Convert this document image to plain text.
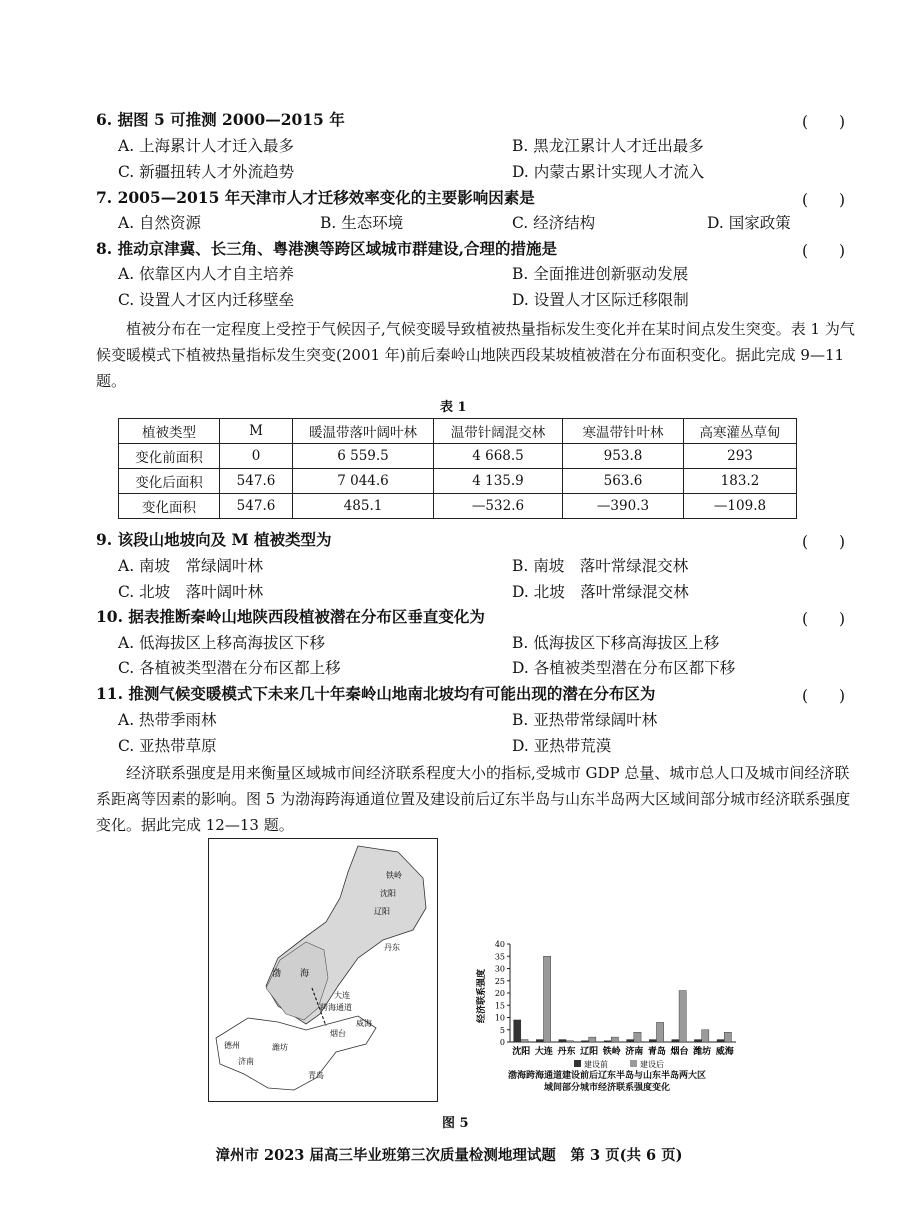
6. 据图 5 可推测 2000—2015 年	(　　)
A. 上海累计人才迁入最多	B. 黑龙江累计人才迁出最多
C. 新疆扭转人才外流趋势	D. 内蒙古累计实现人才流入
7. 2005—2015 年天津市人才迁移效率变化的主要影响因素是	(　　)
A. 自然资源	B. 生态环境	C. 经济结构	D. 国家政策
8. 推动京津冀、长三角、粤港澳等跨区域城市群建设,合理的措施是	(　　)
A. 依靠区内人才自主培养	B. 全面推进创新驱动发展
C. 设置人才区内迁移壁垒	D. 设置人才区际迁移限制
植被分布在一定程度上受控于气候因子,气候变暖导致植被热量指标发生变化并在某时间点发生突变。表 1 为气候变暖模式下植被热量指标发生突变(2001 年)前后秦岭山地陕西段某坡植被潜在分布面积变化。据此完成 9—11 题。
表 1
植被类型	M	暖温带落叶阔叶林	温带针阔混交林	寒温带针叶林	高寒灌丛草甸
变化前面积	0	6 559.5	4 668.5	953.8	293
变化后面积	547.6	7 044.6	4 135.9	563.6	183.2
变化面积	547.6	485.1	—532.6	—390.3	—109.8
9. 该段山地坡向及 M 植被类型为	(　　)
A. 南坡　常绿阔叶林	B. 南坡　落叶常绿混交林
C. 北坡　落叶阔叶林	D. 北坡　落叶常绿混交林
10. 据表推断秦岭山地陕西段植被潜在分布区垂直变化为	(　　)
A. 低海拔区上移高海拔区下移	B. 低海拔区下移高海拔区上移
C. 各植被类型潜在分布区都上移	D. 各植被类型潜在分布区都下移
11. 推测气候变暖模式下未来几十年秦岭山地南北坡均有可能出现的潜在分布区为	(　　)
A. 热带季雨林	B. 亚热带常绿阔叶林
C. 亚热带草原	D. 亚热带荒漠
经济联系强度是用来衡量区域城市间经济联系程度大小的指标,受城市 GDP 总量、城市总人口及城市间经济联系距离等因素的影响。图 5 为渤海跨海通道位置及建设前后辽东半岛与山东半岛两大区域间部分城市经济联系强度变化。据此完成 12—13 题。
铁岭
沈阳
辽阳
丹东
大连
渤 海
跨海通道
烟台
威海
潍坊
青岛
德州
济南
经济联系强度
0
5
10
15
20
25
30
35
40
沈阳 大连 丹东 辽阳 铁岭 济南 青岛 烟台 潍坊 威海
建设前	建设后
渤海跨海通道建设前后辽东半岛与山东半岛两大区域间部分城市经济联系强度变化
图 5
漳州市 2023 届高三毕业班第三次质量检测地理试题　第 3 页(共 6 页)
